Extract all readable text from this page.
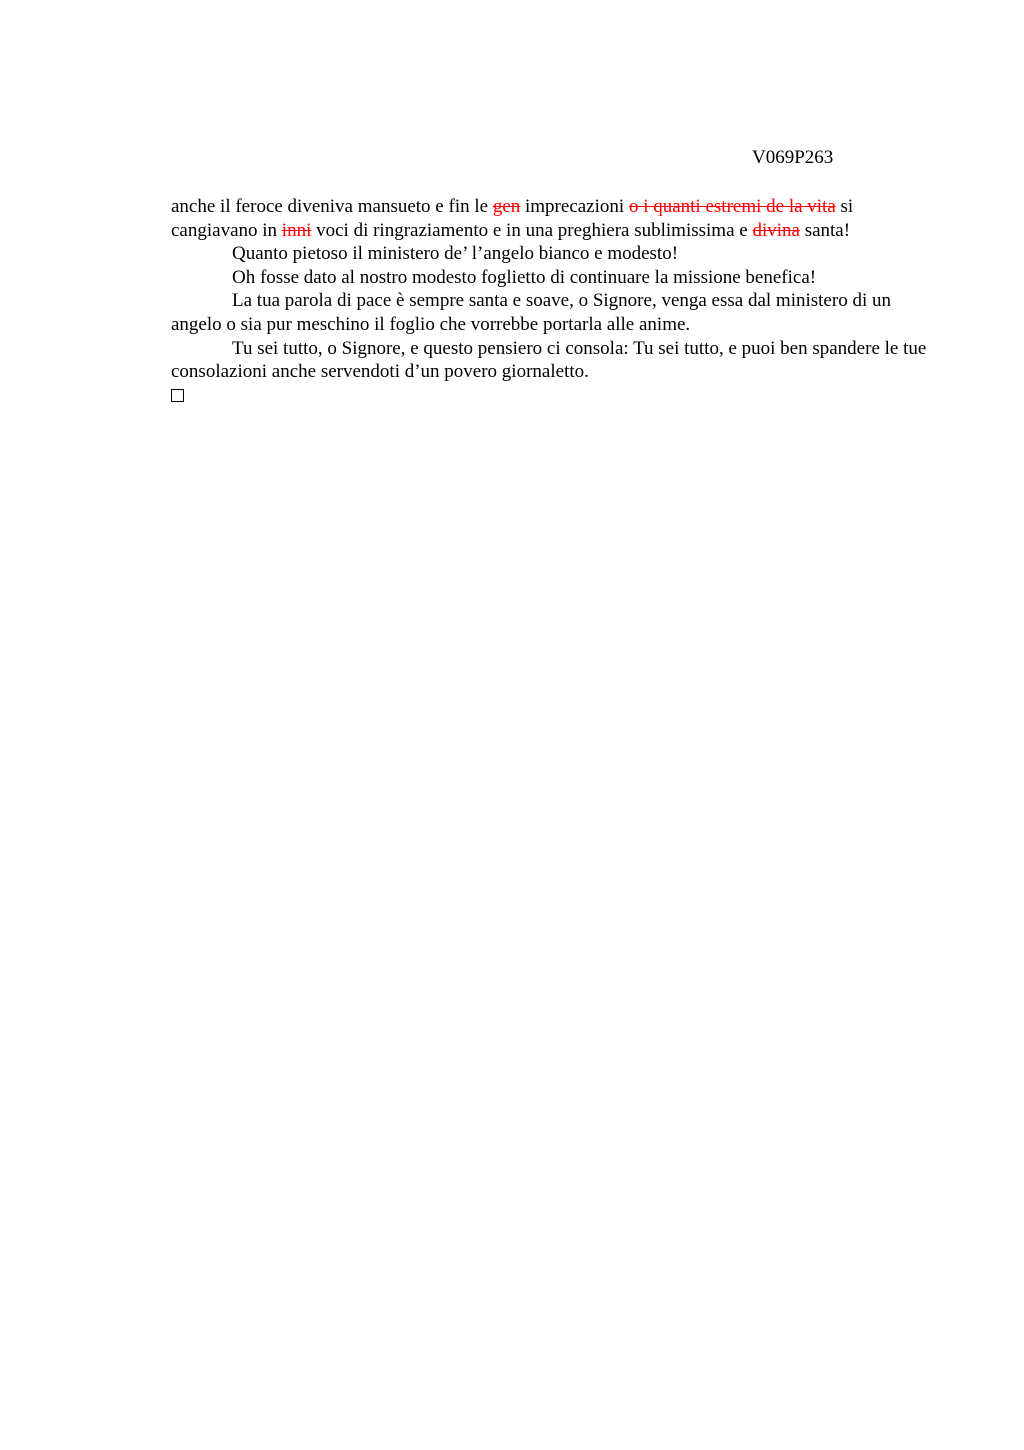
V069P263

anche il feroce diveniva mansueto e fin le gen imprecazioni o i quanti estremi de la vita si cangiavano in inni voci di ringraziamento e in una preghiera sublimissima e divina santa!

Quanto pietoso il ministero de’ l’angelo bianco e modesto!

Oh fosse dato al nostro modesto foglietto di continuare la missione benefica!

La tua parola di pace è sempre santa e soave, o Signore, venga essa dal ministero di un angelo o sia pur meschino il foglio che vorrebbe portarla alle anime.

Tu sei tutto, o Signore, e questo pensiero ci consola: Tu sei tutto, e puoi ben spandere le tue consolazioni anche servendoti d’un povero giornaletto.
